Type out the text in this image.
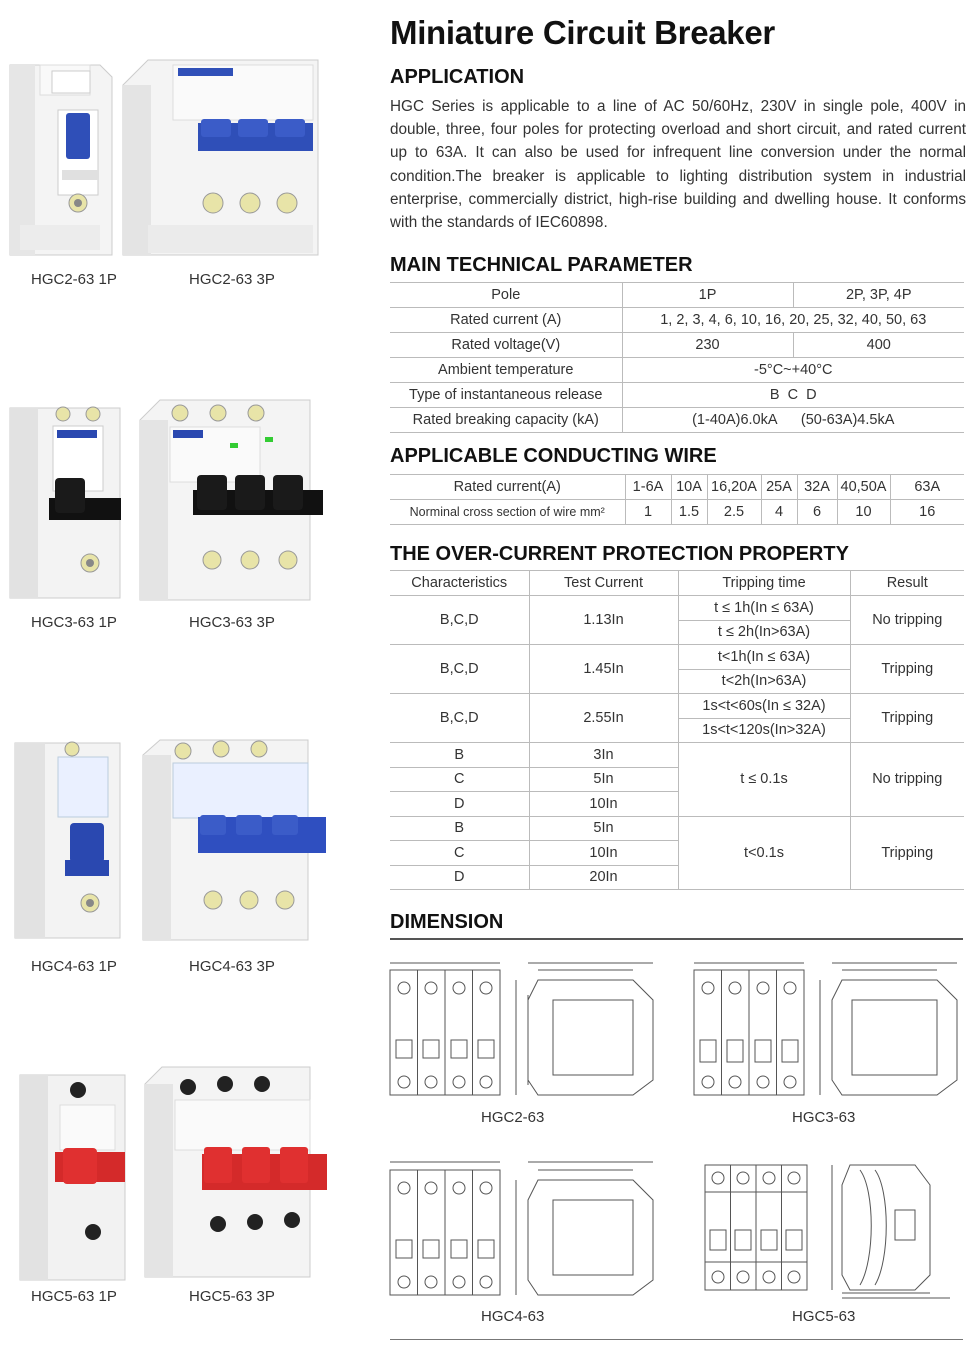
HGC2-63 1P	HGC2-63 3P
HGC3-63 1P	HGC3-63 3P
HGC4-63 1P	HGC4-63 3P
HGC5-63 1P	HGC5-63 3P
Miniature Circuit Breaker
APPLICATION
HGC Series is applicable to a line of AC 50/60Hz, 230V in single pole, 400V in double, three, four poles for protecting overload and short circuit, and rated current up to 63A. It can also be used for infrequent line conversion under the normal condition.The breaker is applicable to lighting distribution system in industrial enterprise, commercially district, high-rise building and dwelling house. It conforms with the standards of IEC60898.
MAIN TECHNICAL PARAMETER
Pole	1P	2P, 3P, 4P
Rated current (A)	1, 2, 3, 4, 6, 10, 16, 20, 25, 32, 40, 50, 63	
Rated voltage(V)	230	400
Ambient temperature	-5°C~+40°C	
Type of instantaneous release	B  C  D	
Rated breaking capacity (kA)	(1-40A)6.0kA      (50-63A)4.5kA	
APPLICABLE CONDUCTING WIRE
Rated current(A)	1-6A	10A	16,20A	25A	32A	40,50A	63A
Norminal cross section of wire mm²	1	1.5	2.5	4	6	10	16
THE OVER-CURRENT PROTECTION PROPERTY
Characteristics	Test Current	Tripping time	Result
B,C,D	1.13In	t ≤ 1h(In ≤ 63A)	No tripping
		t ≤ 2h(In>63A)	
B,C,D	1.45In	t<1h(In ≤ 63A)	Tripping
		t<2h(In>63A)	
B,C,D	2.55In	1s<t<60s(In ≤ 32A)	Tripping
		1s<t<120s(In>32A)	
B	3In	t ≤ 0.1s	No tripping
C	5In		
D	10In		
B	5In	t<0.1s	Tripping
C	10In		
D	20In		
DIMENSION
HGC2-63	HGC3-63
HGC4-63	HGC5-63
